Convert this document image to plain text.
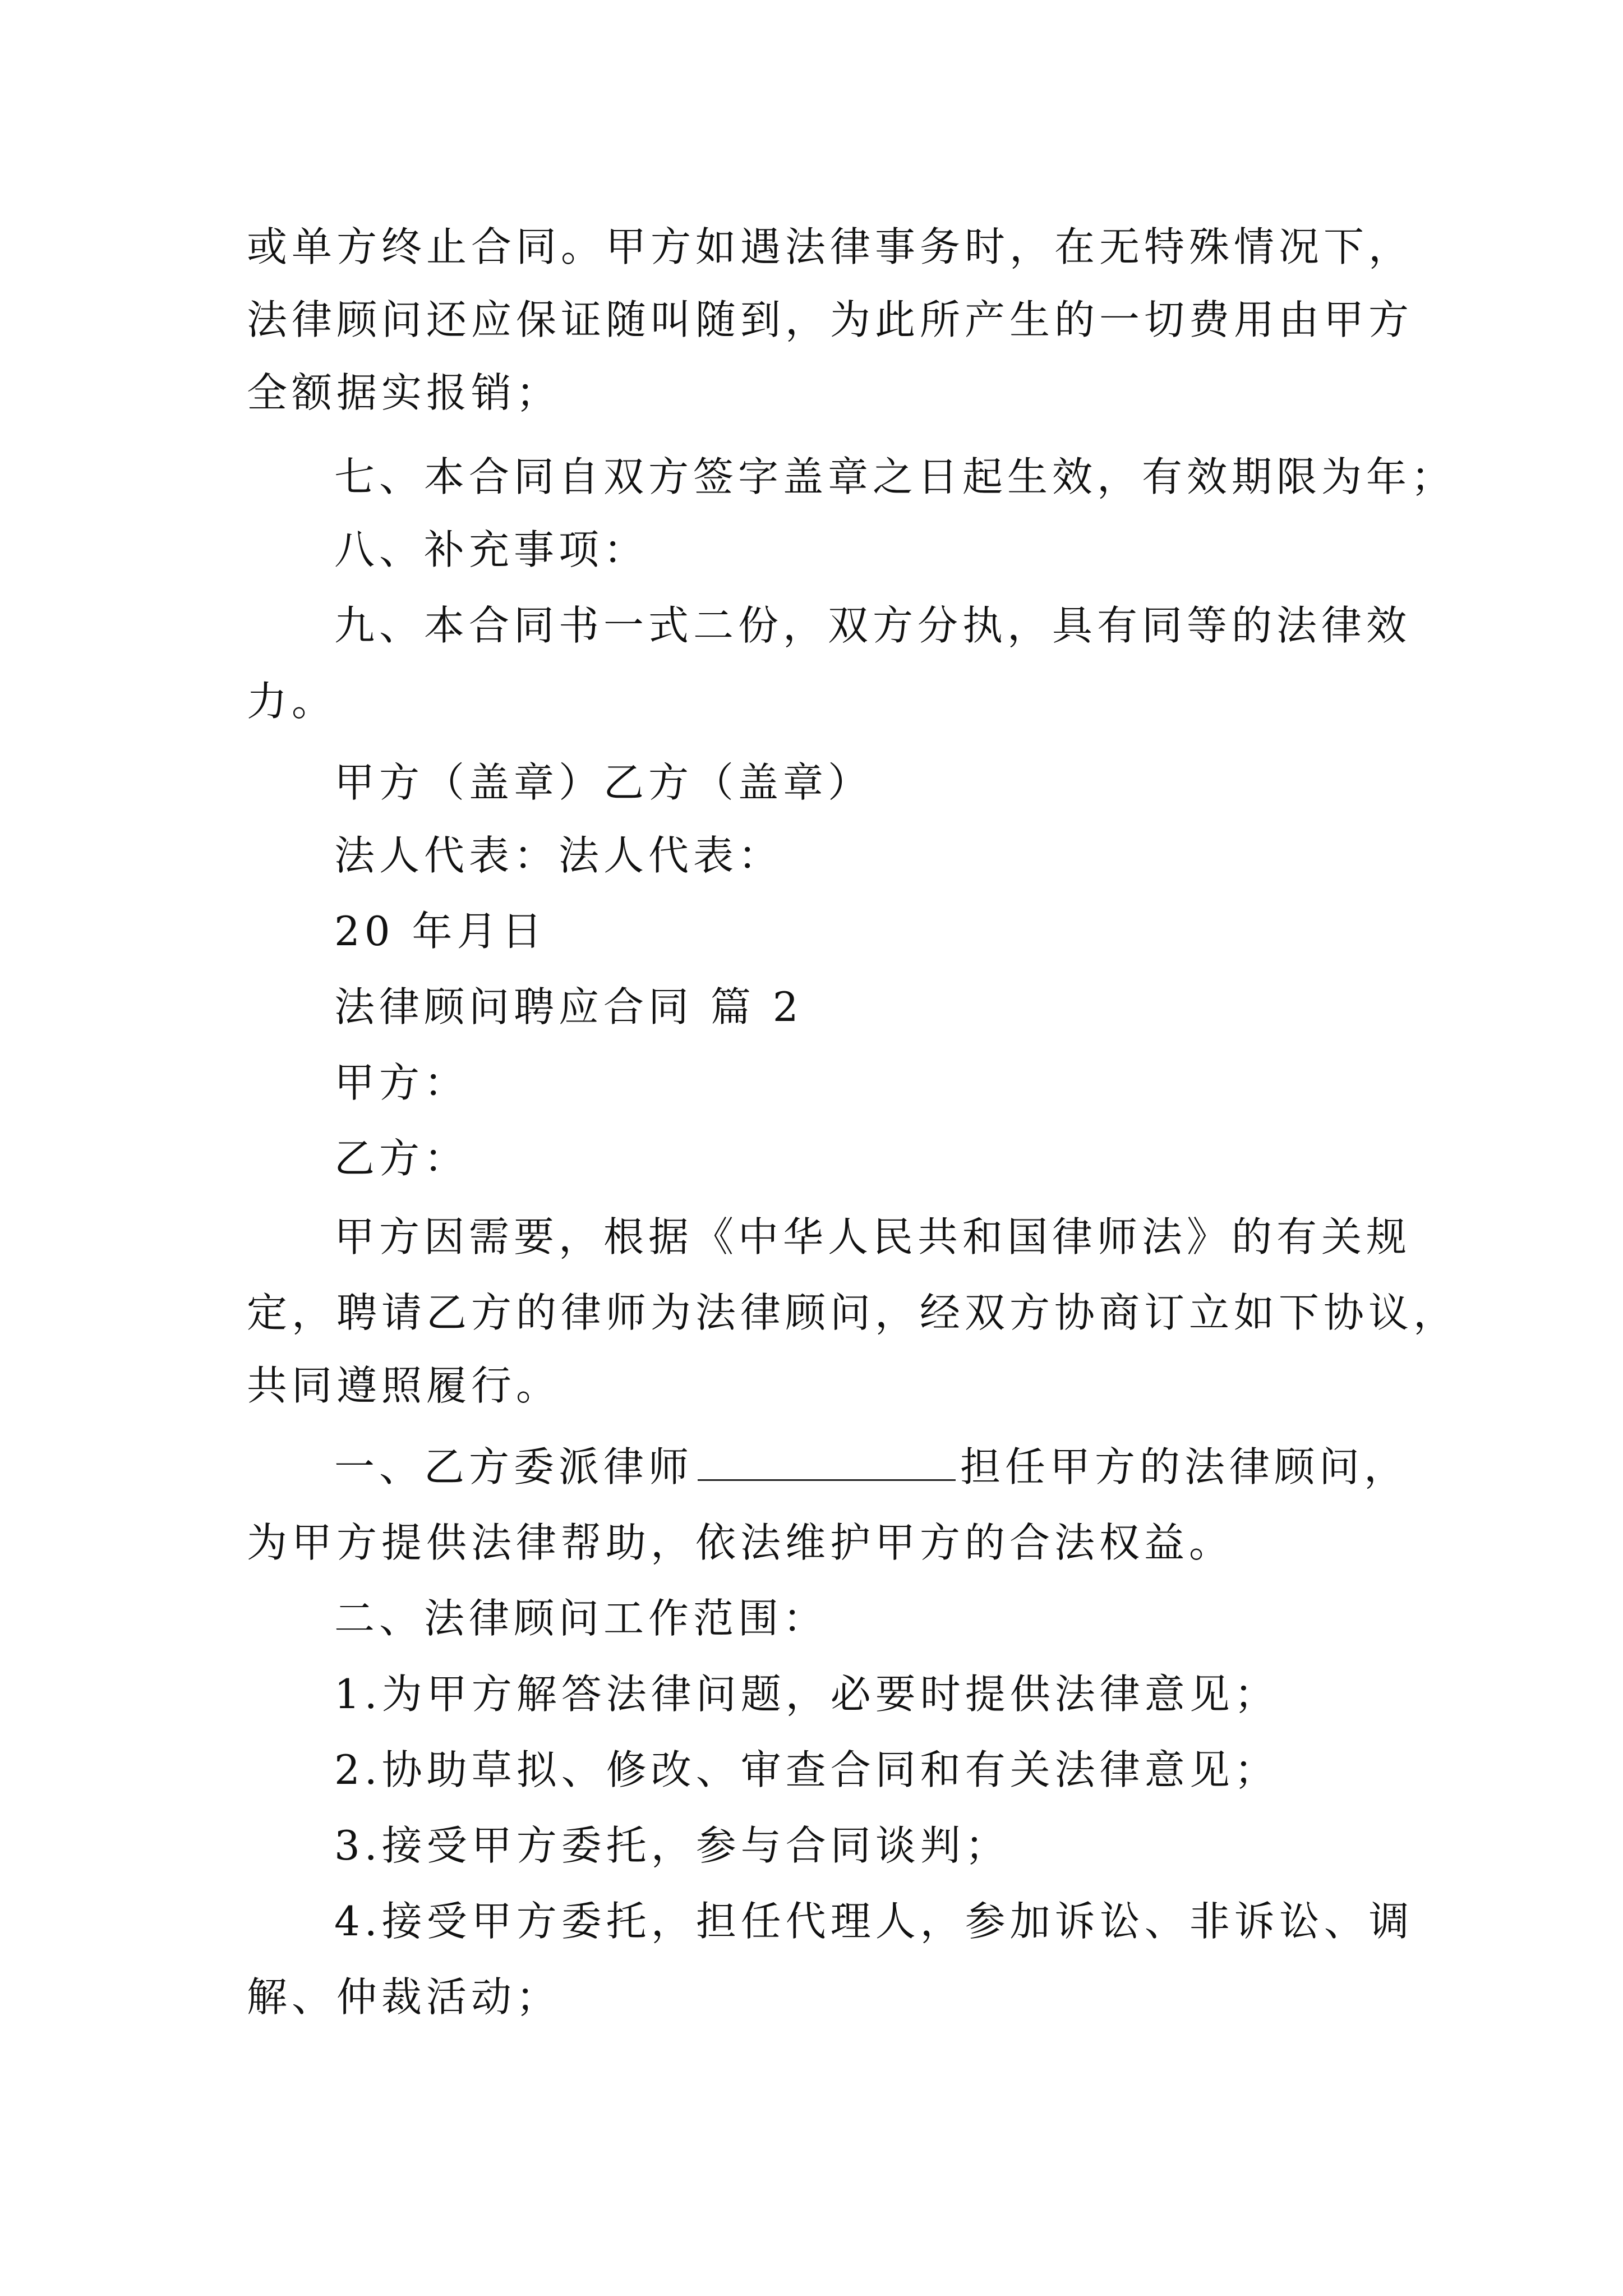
或单方终止合同。甲方如遇法律事务时，在无特殊情况下，
法律顾问还应保证随叫随到，为此所产生的一切费用由甲方
全额据实报销；
七、本合同自双方签字盖章之日起生效，有效期限为年；
八、补充事项：
九、本合同书一式二份，双方分执，具有同等的法律效
力。
甲方（盖章）乙方（盖章）
法人代表：法人代表：
20 年月日
法律顾问聘应合同 篇 2
甲方：
乙方：
甲方因需要，根据《中华人民共和国律师法》的有关规
定，聘请乙方的律师为法律顾问，经双方协商订立如下协议，
共同遵照履行。
一、乙方委派律师	担任甲方的法律顾问，
为甲方提供法律帮助，依法维护甲方的合法权益。
二、法律顾问工作范围：
1.为甲方解答法律问题，必要时提供法律意见；
2.协助草拟、修改、审查合同和有关法律意见；
3.接受甲方委托，参与合同谈判；
4.接受甲方委托，担任代理人，参加诉讼、非诉讼、调
解、仲裁活动；
